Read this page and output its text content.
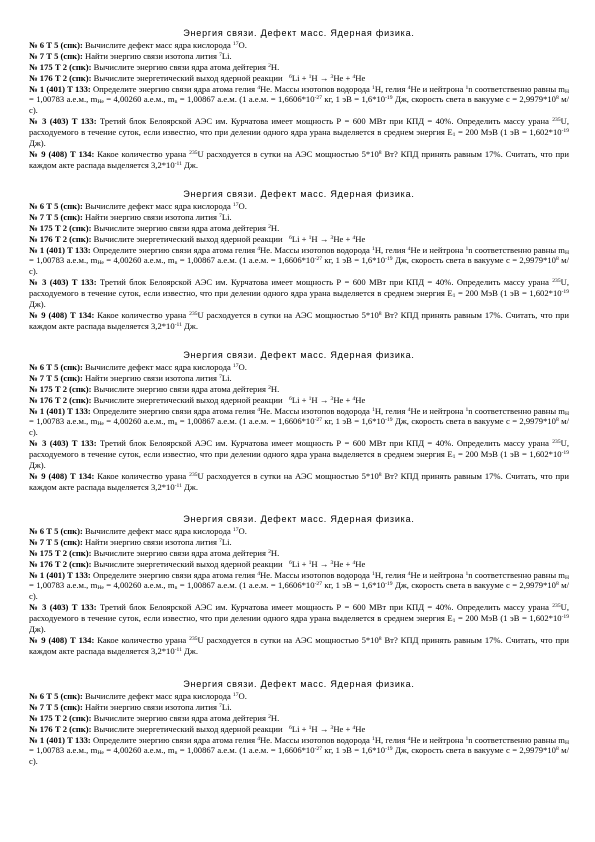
Энергия связи. Дефект масс. Ядерная физика.
№ 6 Т 5 (спк): Вычислите дефект масс ядра кислорода $^{17}$O.
№ 7 Т 5 (спк): Найти энергию связи изотопа лития $^7$Li.
№ 175 Т 2 (спк): Вычислите энергию связи ядра атома дейтерия $^2$H.
№ 176 Т 2 (спк): Вычислите энергетический выход ядерной реакции $^6$Li + $^1$H → $^3$He + $^4$He
№ 1 (401) Т 133: Определите энергию связи ядра атома гелия $^4$He. Массы изотопов водорода $^1$H, гелия $^4$He и нейтрона $^1$n соответственно равны $m_H = 1,00783$ а.е.м., $m_{He} = 4,00260$ а.е.м., $m_n = 1,00867$ а.е.м. (1 а.е.м. = $1,6606*10^{-27}$ кг, 1 эВ = $1,6*10^{-19}$ Дж, скорость света в вакууме $с = 2,9979*10^8$ м/с).
№ 3 (403) Т 133: Третий блок Белоярской АЭС им. Курчатова имеет мощность Р = 600 МВт при КПД = 40%. Определить массу урана $^{235}$U, расходуемого в течение суток, если известно, что при делении одного ядра урана выделяется в среднем энергия $Е_1 = 200$ МэВ (1 эВ = $1,602*10^{-19}$ Дж).
№ 9 (408) Т 134: Какое количество урана $^{235}$U расходуется в сутки на АЭС мощностью $5*10^8$ Вт? КПД принять равным 17%. Считать, что при каждом акте распада выделяется $3,2*10^{-11}$ Дж.
Энергия связи. Дефект масс. Ядерная физика.
№ 6 Т 5 (спк): Вычислите дефект масс ядра кислорода $^{17}$O.
№ 7 Т 5 (спк): Найти энергию связи изотопа лития $^7$Li.
№ 175 Т 2 (спк): Вычислите энергию связи ядра атома дейтерия $^2$H.
№ 176 Т 2 (спк): Вычислите энергетический выход ядерной реакции $^6$Li + $^1$H → $^3$He + $^4$He
№ 1 (401) Т 133: Определите энергию связи ядра атома гелия $^4$He. Массы изотопов водорода $^1$H, гелия $^4$He и нейтрона $^1$n соответственно равны $m_H = 1,00783$ а.е.м., $m_{He} = 4,00260$ а.е.м., $m_n = 1,00867$ а.е.м. (1 а.е.м. = $1,6606*10^{-27}$ кг, 1 эВ = $1,6*10^{-19}$ Дж, скорость света в вакууме $с = 2,9979*10^8$ м/с).
№ 3 (403) Т 133: Третий блок Белоярской АЭС им. Курчатова имеет мощность Р = 600 МВт при КПД = 40%. Определить массу урана $^{235}$U, расходуемого в течение суток, если известно, что при делении одного ядра урана выделяется в среднем энергия $Е_1 = 200$ МэВ (1 эВ = $1,602*10^{-19}$ Дж).
№ 9 (408) Т 134: Какое количество урана $^{235}$U расходуется в сутки на АЭС мощностью $5*10^8$ Вт? КПД принять равным 17%. Считать, что при каждом акте распада выделяется $3,2*10^{-11}$ Дж.
Энергия связи. Дефект масс. Ядерная физика.
№ 6 Т 5 (спк): Вычислите дефект масс ядра кислорода $^{17}$O.
№ 7 Т 5 (спк): Найти энергию связи изотопа лития $^7$Li.
№ 175 Т 2 (спк): Вычислите энергию связи ядра атома дейтерия $^2$H.
№ 176 Т 2 (спк): Вычислите энергетический выход ядерной реакции $^6$Li + $^1$H → $^3$He + $^4$He
№ 1 (401) Т 133: Определите энергию связи ядра атома гелия $^4$He. Массы изотопов водорода $^1$H, гелия $^4$He и нейтрона $^1$n соответственно равны $m_H = 1,00783$ а.е.м., $m_{He} = 4,00260$ а.е.м., $m_n = 1,00867$ а.е.м. (1 а.е.м. = $1,6606*10^{-27}$ кг, 1 эВ = $1,6*10^{-19}$ Дж, скорость света в вакууме $с = 2,9979*10^8$ м/с).
№ 3 (403) Т 133: Третий блок Белоярской АЭС им. Курчатова имеет мощность Р = 600 МВт при КПД = 40%. Определить массу урана $^{235}$U, расходуемого в течение суток, если известно, что при делении одного ядра урана выделяется в среднем энергия $Е_1 = 200$ МэВ (1 эВ = $1,602*10^{-19}$ Дж).
№ 9 (408) Т 134: Какое количество урана $^{235}$U расходуется в сутки на АЭС мощностью $5*10^8$ Вт? КПД принять равным 17%. Считать, что при каждом акте распада выделяется $3,2*10^{-11}$ Дж.
Энергия связи. Дефект масс. Ядерная физика.
№ 6 Т 5 (спк): Вычислите дефект масс ядра кислорода $^{17}$O.
№ 7 Т 5 (спк): Найти энергию связи изотопа лития $^7$Li.
№ 175 Т 2 (спк): Вычислите энергию связи ядра атома дейтерия $^2$H.
№ 176 Т 2 (спк): Вычислите энергетический выход ядерной реакции $^6$Li + $^1$H → $^3$He + $^4$He
№ 1 (401) Т 133: Определите энергию связи ядра атома гелия $^4$He. Массы изотопов водорода $^1$H, гелия $^4$He и нейтрона $^1$n соответственно равны $m_H = 1,00783$ а.е.м., $m_{He} = 4,00260$ а.е.м., $m_n = 1,00867$ а.е.м. (1 а.е.м. = $1,6606*10^{-27}$ кг, 1 эВ = $1,6*10^{-19}$ Дж, скорость света в вакууме $с = 2,9979*10^8$ м/с).
№ 3 (403) Т 133: Третий блок Белоярской АЭС им. Курчатова имеет мощность Р = 600 МВт при КПД = 40%. Определить массу урана $^{235}$U, расходуемого в течение суток, если известно, что при делении одного ядра урана выделяется в среднем энергия $Е_1 = 200$ МэВ (1 эВ = $1,602*10^{-19}$ Дж).
№ 9 (408) Т 134: Какое количество урана $^{235}$U расходуется в сутки на АЭС мощностью $5*10^8$ Вт? КПД принять равным 17%. Считать, что при каждом акте распада выделяется $3,2*10^{-11}$ Дж.
Энергия связи. Дефект масс. Ядерная физика.
№ 6 Т 5 (спк): Вычислите дефект масс ядра кислорода $^{17}$O.
№ 7 Т 5 (спк): Найти энергию связи изотопа лития $^7$Li.
№ 175 Т 2 (спк): Вычислите энергию связи ядра атома дейтерия $^2$H.
№ 176 Т 2 (спк): Вычислите энергетический выход ядерной реакции $^6$Li + $^1$H → $^3$He + $^4$He
№ 1 (401) Т 133: Определите энергию связи ядра атома гелия $^4$He. Массы изотопов водорода $^1$H, гелия $^4$He и нейтрона $^1$n соответственно равны $m_H = 1,00783$ а.е.м., $m_{He} = 4,00260$ а.е.м., $m_n = 1,00867$ а.е.м. (1 а.е.м. = $1,6606*10^{-27}$ кг, 1 эВ = $1,6*10^{-19}$ Дж, скорость света в вакууме $с = 2,9979*10^8$ м/с).
